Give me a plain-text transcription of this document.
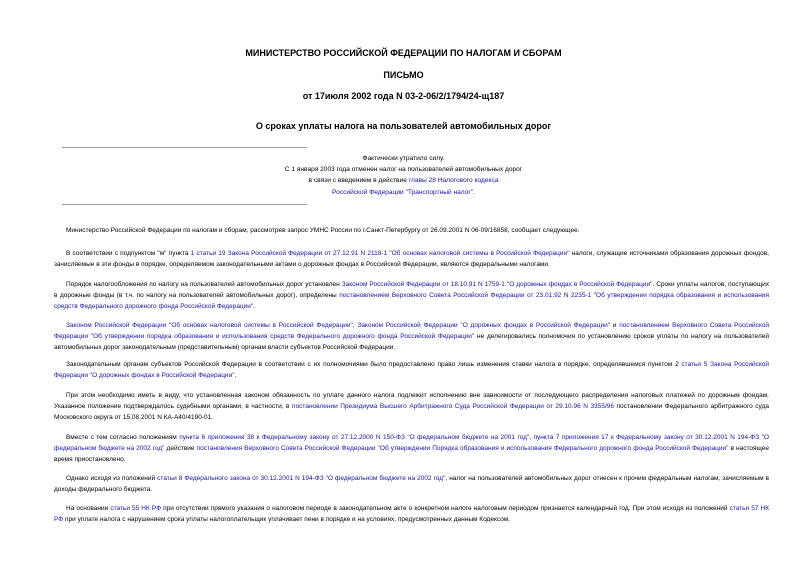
МИНИСТЕРСТВО РОССИЙСКОЙ ФЕДЕРАЦИИ ПО НАЛОГАМ И СБОРАМ
ПИСЬМО
от 17июля 2002 года N 03-2-06/2/1794/24-щ187
О сроках уплаты налога на пользователей автомобильных дорог
Фактически утратило силу.
С 1 января 2003 года отменен налог на пользователей автомобильных дорог
в связи с введением в действие главы 28 Налогового кодекса
Российской Федерации "Транспортный налог".
Министерство Российской Федерации по налогам и сборам, рассмотрев запрос УМНС России по г.Санкт-Петербургу от 26.09.2001 N 06-09/16858, сообщает следующее.
В соответствии с подпунктом "м" пункта 1 статьи 19 Закона Российской Федерации от 27.12.91 N 2118-1 "Об основах налоговой системы в Российской Федерации" налоги, служащие источниками образования дорожных фондов, зачисляемые в эти фонды в порядке, определяемом законодательными актами о дорожных фондах в Российской Федерации, являются федеральными налогами.
Порядок налогообложения по налогу на пользователей автомобильных дорог установлен Законом Российской Федерации от 18.10.91 N 1759-1 "О дорожных фондах в Российской Федерации". Сроки уплаты налогов, поступающих в дорожные фонды (в т.ч. по налогу на пользователей автомобильных дорог), определены постановлением Верховного Совета Российской Федерации от 23.01.92 N 2235-1 "Об утверждении порядка образования и использования средств Федерального дорожного фонда Российской Федерации".
Законом Российской Федерации "Об основах налоговой системы в Российской Федерации", Законом Российской Федерации "О дорожных фондах в Российской Федерации" и постановлением Верховного Совета Российской Федерации "Об утверждении порядка образования и использования средств Федерального дорожного фонда Российской Федерации" не делегировались полномочия по установлению сроков уплаты по налогу на пользователей автомобильных дорог законодательным (представительным) органам власти субъектов Российской Федерации.
Законодательным органам субъектов Российской Федерации в соответствии с их полномочиями было предоставлено право лишь изменения ставки налога в порядке, определявшемся пунктом 2 статьи 5 Закона Российской Федерации "О дорожных фондах в Российской Федерации".
При этом необходимо иметь в виду, что установленная законом обязанность по уплате данного налога подлежит исполнению вне зависимости от последующего распределения налоговых платежей по дорожным фондам. Указанное положение подтверждалось судебными органами, в частности, в постановлении Президиума Высшего Арбитражного Суда Российской Федерации от 29.10.96 N 3355/96 постановлении Федерального арбитражного суда Московского округа от 15.08.2001 N КА-А40/4190-01.
Вместе с тем согласно положениям пункта 6 приложения 38 к Федеральному закону от 27.12.2000 N 150-ФЗ "О федеральном бюджете на 2001 год", пункта 7 приложения 17 к Федеральному закону от 30.12.2001 N 194-ФЗ "О федеральном бюджете на 2002 год" действие постановления Верховного Совета Российской Федерации "Об утверждении Порядка образования и использования Федерального дорожного фонда Российской Федерации" в настоящее время приостановлено.
Однако исходя из положений статьи 8 Федерального закона от 30.12.2001 N 194-ФЗ "О федеральном бюджете на 2002 год", налог на пользователей автомобильных дорог отнесен к прочим федеральным налогам, зачисляемым в доходы федерального бюджета.
На основании статьи 55 НК РФ при отсутствии прямого указания о налоговом периоде в законодательном акте о конкретном налоге налоговым периодом признается календарный год. При этом исходя из положений статьи 57 НК РФ при уплате налога с нарушением срока уплаты налогоплательщик уплачивает пени в порядке и на условиях, предусмотренных данным Кодексом.
